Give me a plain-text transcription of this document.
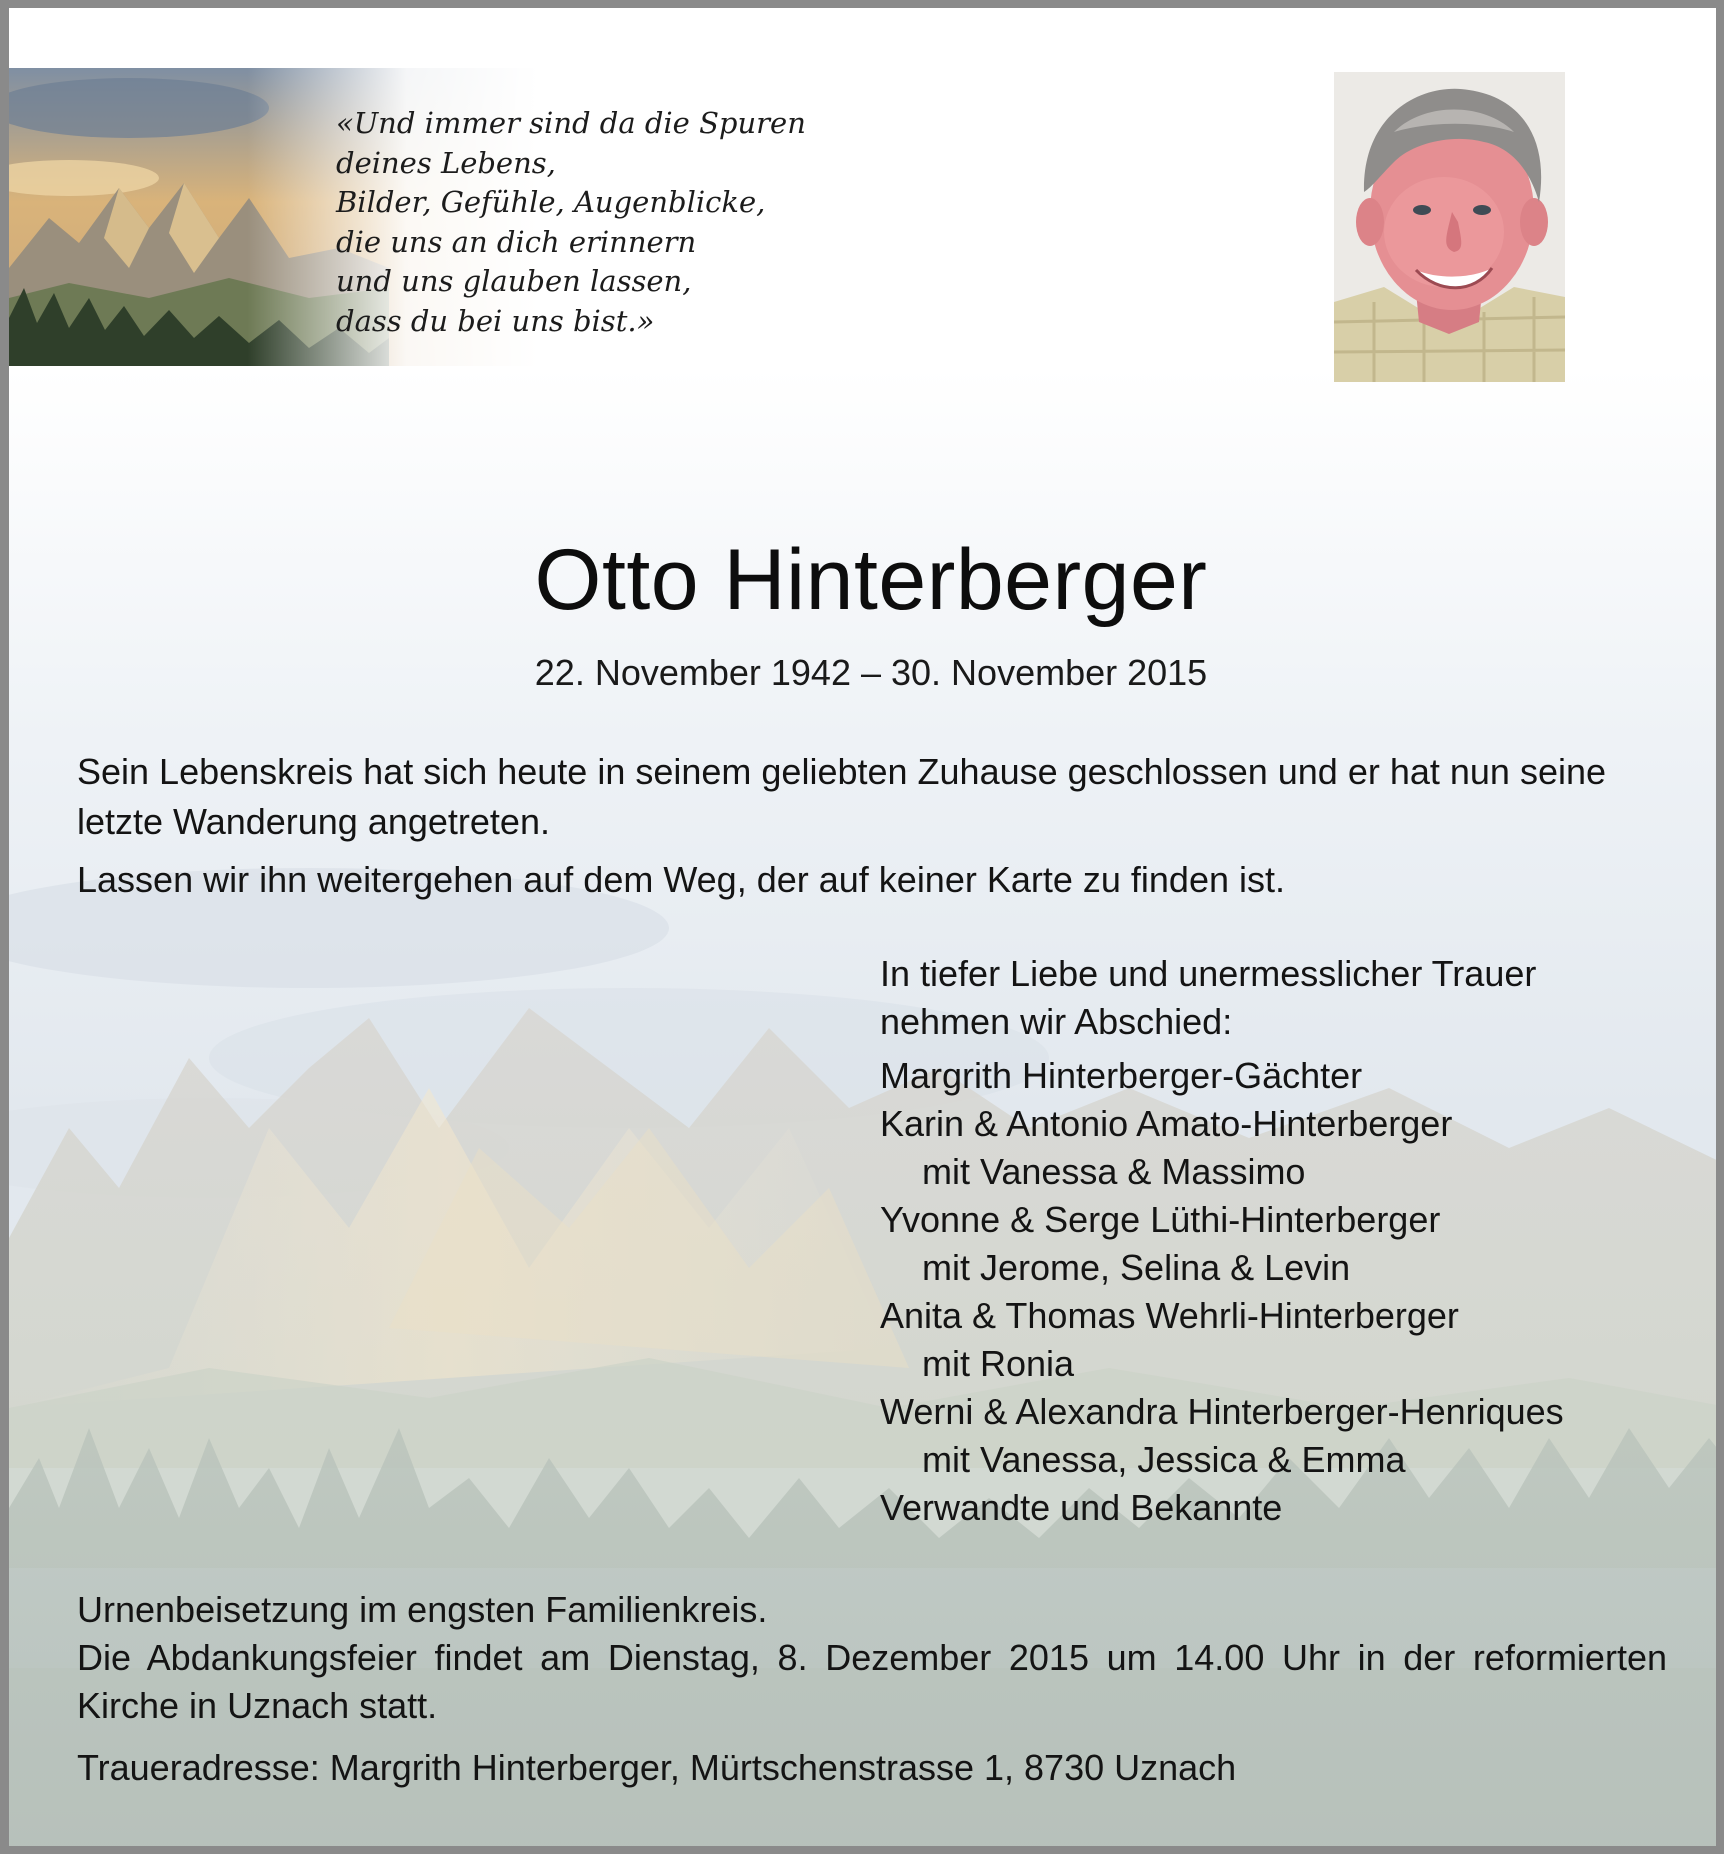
«Und immer sind da die Spuren
deines Lebens,
Bilder, Gefühle, Augenblicke,
die uns an dich erinnern
und uns glauben lassen,
dass du bei uns bist.»
Otto Hinterberger
22. November 1942 – 30. November 2015

Sein Lebenskreis hat sich heute in seinem geliebten Zuhause geschlossen und er hat nun seine letzte Wanderung angetreten.

Lassen wir ihn weitergehen auf dem Weg, der auf keiner Karte zu finden ist.

In tiefer Liebe und unermesslicher Trauer
nehmen wir Abschied:
Margrith Hinterberger-Gächter
Karin & Antonio Amato-Hinterberger
mit Vanessa & Massimo
Yvonne & Serge Lüthi-Hinterberger
mit Jerome, Selina & Levin
Anita & Thomas Wehrli-Hinterberger
mit Ronia
Werni & Alexandra Hinterberger-Henriques
mit Vanessa, Jessica & Emma
Verwandte und Bekannte
Urnenbeisetzung im engsten Familienkreis.
Die Abdankungsfeier findet am Dienstag, 8. Dezember 2015 um 14.00 Uhr in der reformierten Kirche in Uznach statt.
Traueradresse: Margrith Hinterberger, Mürtschenstrasse 1, 8730 Uznach
